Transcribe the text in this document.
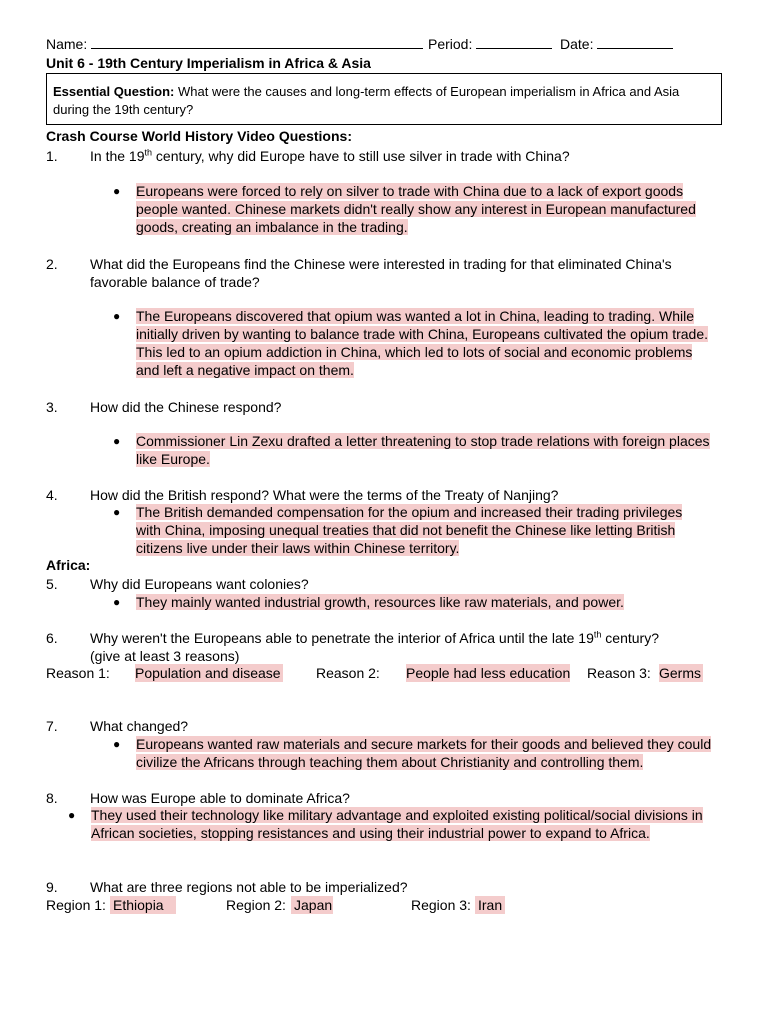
Name:	Period:	Date:
Unit 6 - 19th Century Imperialism in Africa & Asia
Essential Question: What were the causes and long-term effects of European imperialism in Africa and Asia during the 19th century?
Crash Course World History Video Questions:
1. In the 19th century, why did Europe have to still use silver in trade with China?
● Europeans were forced to rely on silver to trade with China due to a lack of export goods people wanted. Chinese markets didn't really show any interest in European manufactured goods, creating an imbalance in the trading.
2. What did the Europeans find the Chinese were interested in trading for that eliminated China's favorable balance of trade?
● The Europeans discovered that opium was wanted a lot in China, leading to trading. While initially driven by wanting to balance trade with China, Europeans cultivated the opium trade. This led to an opium addiction in China, which led to lots of social and economic problems and left a negative impact on them.
3. How did the Chinese respond?
● Commissioner Lin Zexu drafted a letter threatening to stop trade relations with foreign places like Europe.
4. How did the British respond? What were the terms of the Treaty of Nanjing?
● The British demanded compensation for the opium and increased their trading privileges with China, imposing unequal treaties that did not benefit the Chinese like letting British citizens live under their laws within Chinese territory.
Africa:
5. Why did Europeans want colonies?
● They mainly wanted industrial growth, resources like raw materials, and power.
6. Why weren't the Europeans able to penetrate the interior of Africa until the late 19th century?
(give at least 3 reasons)
Reason 1: Population and disease	Reason 2: People had less education Reason 3: Germs
7. What changed?
● Europeans wanted raw materials and secure markets for their goods and believed they could civilize the Africans through teaching them about Christianity and controlling them.
8. How was Europe able to dominate Africa?
● They used their technology like military advantage and exploited existing political/social divisions in African societies, stopping resistances and using their industrial power to expand to Africa.
9. What are three regions not able to be imperialized?
Region 1: Ethiopia	Region 2: Japan	Region 3: Iran
